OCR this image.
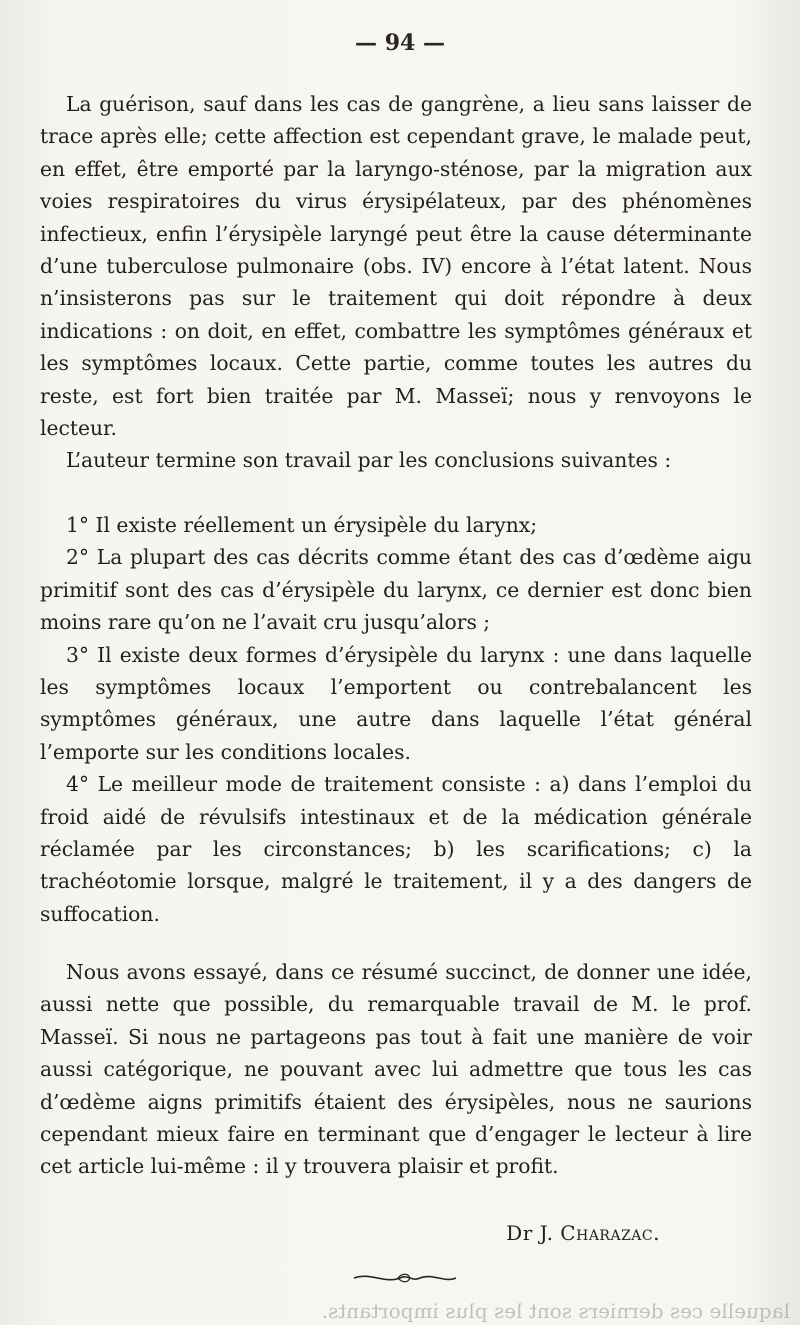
— 94 —

La guérison, sauf dans les cas de gangrène, a lieu sans laisser de trace après elle; cette affection est cependant grave, le malade peut, en effet, être emporté par la laryngo-sténose, par la migration aux voies respiratoires du virus érysipélateux, par des phénomènes infectieux, enfin l’érysipèle laryngé peut être la cause déterminante d’une tuberculose pulmonaire (obs. IV) encore à l’état latent. Nous n’insisterons pas sur le traitement qui doit répondre à deux indications : on doit, en effet, combattre les symptômes généraux et les symptômes locaux. Cette partie, comme toutes les autres du reste, est fort bien traitée par M. Masseï; nous y renvoyons le lecteur.

L’auteur termine son travail par les conclusions suivantes :

1° Il existe réellement un érysipèle du larynx;

2° La plupart des cas décrits comme étant des cas d’œdème aigu primitif sont des cas d’érysipèle du larynx, ce dernier est donc bien moins rare qu’on ne l’avait cru jusqu’alors ;

3° Il existe deux formes d’érysipèle du larynx : une dans laquelle les symptômes locaux l’emportent ou contrebalancent les symptômes généraux, une autre dans laquelle l’état général l’emporte sur les conditions locales.

4° Le meilleur mode de traitement consiste : a) dans l’emploi du froid aidé de révulsifs intestinaux et de la médication générale réclamée par les circonstances; b) les scarifications; c) la trachéotomie lorsque, malgré le traitement, il y a des dangers de suffocation.

Nous avons essayé, dans ce résumé succinct, de donner une idée, aussi nette que possible, du remarquable travail de M. le prof. Masseï. Si nous ne partageons pas tout à fait une manière de voir aussi catégorique, ne pouvant avec lui admettre que tous les cas d’œdème aigns primitifs étaient des érysipèles, nous ne saurions cependant mieux faire en terminant que d’engager le lecteur à lire cet article lui-même : il y trouvera plaisir et profit.

Dr J. Charazac.
laquelle ces derniers sont les plus importants.
